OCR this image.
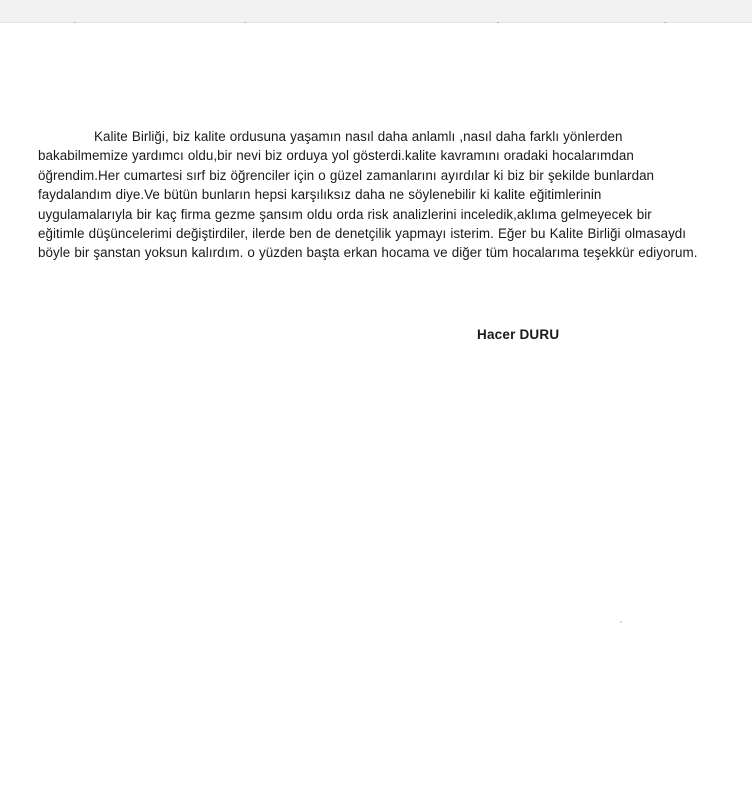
Kalite Birliği, biz kalite ordusuna yaşamın nasıl daha anlamlı ,nasıl daha farklı yönlerden bakabilmemize yardımcı oldu,bir nevi biz orduya yol gösterdi.kalite kavramını oradaki hocalarımdan öğrendim.Her cumartesi sırf biz öğrenciler için o güzel zamanlarını ayırdılar ki biz bir şekilde bunlardan faydalandım diye.Ve bütün bunların hepsi karşılıksız daha ne söylenebilir ki kalite eğitimlerinin uygulamalarıyla bir kaç firma gezme şansım oldu orda risk analizlerini inceledik,aklıma gelmeyecek bir eğitimle düşüncelerimi değiştirdiler, ilerde ben de denetçilik yapmayı isterim. Eğer bu Kalite Birliği olmasaydı böyle bir şanstan yoksun kalırdım. o yüzden başta erkan hocama ve diğer tüm hocalarıma teşekkür ediyorum.

Hacer DURU
